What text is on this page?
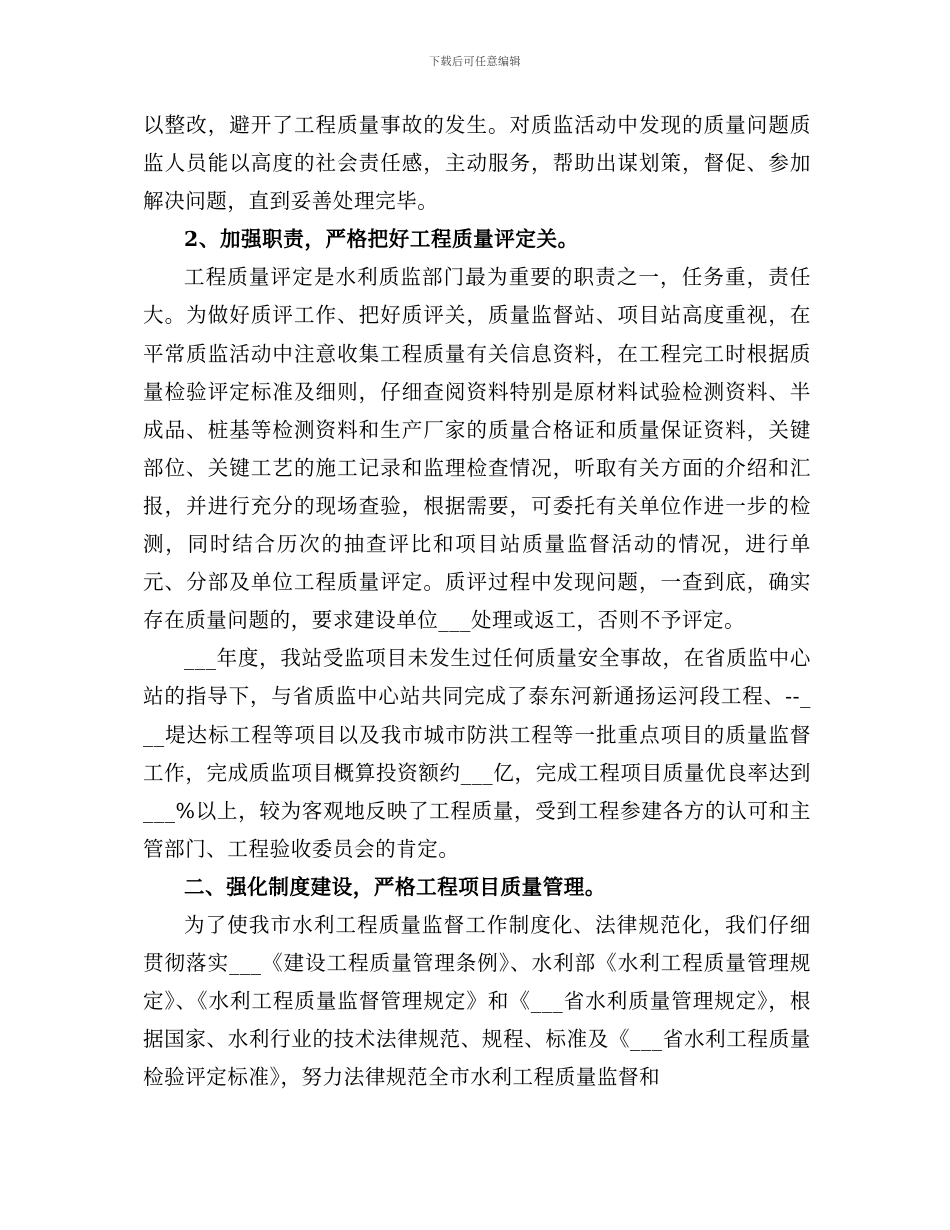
下载后可任意编辑

以整改，避开了工程质量事故的发生。对质监活动中发现的质量问题质监人员能以高度的社会责任感，主动服务，帮助出谋划策，督促、参加解决问题，直到妥善处理完毕。

2、加强职责，严格把好工程质量评定关。

工程质量评定是水利质监部门最为重要的职责之一，任务重，责任大。为做好质评工作、把好质评关，质量监督站、项目站高度重视，在平常质监活动中注意收集工程质量有关信息资料，在工程完工时根据质量检验评定标准及细则，仔细查阅资料特别是原材料试验检测资料、半成品、桩基等检测资料和生产厂家的质量合格证和质量保证资料，关键部位、关键工艺的施工记录和监理检查情况，听取有关方面的介绍和汇报，并进行充分的现场查验，根据需要，可委托有关单位作进一步的检测，同时结合历次的抽查评比和项目站质量监督活动的情况，进行单元、分部及单位工程质量评定。质评过程中发现问题，一查到底，确实存在质量问题的，要求建设单位___处理或返工，否则不予评定。

___年度，我站受监项目未发生过任何质量安全事故，在省质监中心站的指导下，与省质监中心站共同完成了泰东河新通扬运河段工程、--___堤达标工程等项目以及我市城市防洪工程等一批重点项目的质量监督工作，完成质监项目概算投资额约___亿，完成工程项目质量优良率达到___%以上，较为客观地反映了工程质量，受到工程参建各方的认可和主管部门、工程验收委员会的肯定。

二、强化制度建设，严格工程项目质量管理。

为了使我市水利工程质量监督工作制度化、法律规范化，我们仔细贯彻落实___《建设工程质量管理条例》、水利部《水利工程质量管理规定》、《水利工程质量监督管理规定》和《___省水利质量管理规定》，根据国家、水利行业的技术法律规范、规程、标准及《___省水利工程质量检验评定标准》，努力法律规范全市水利工程质量监督和
